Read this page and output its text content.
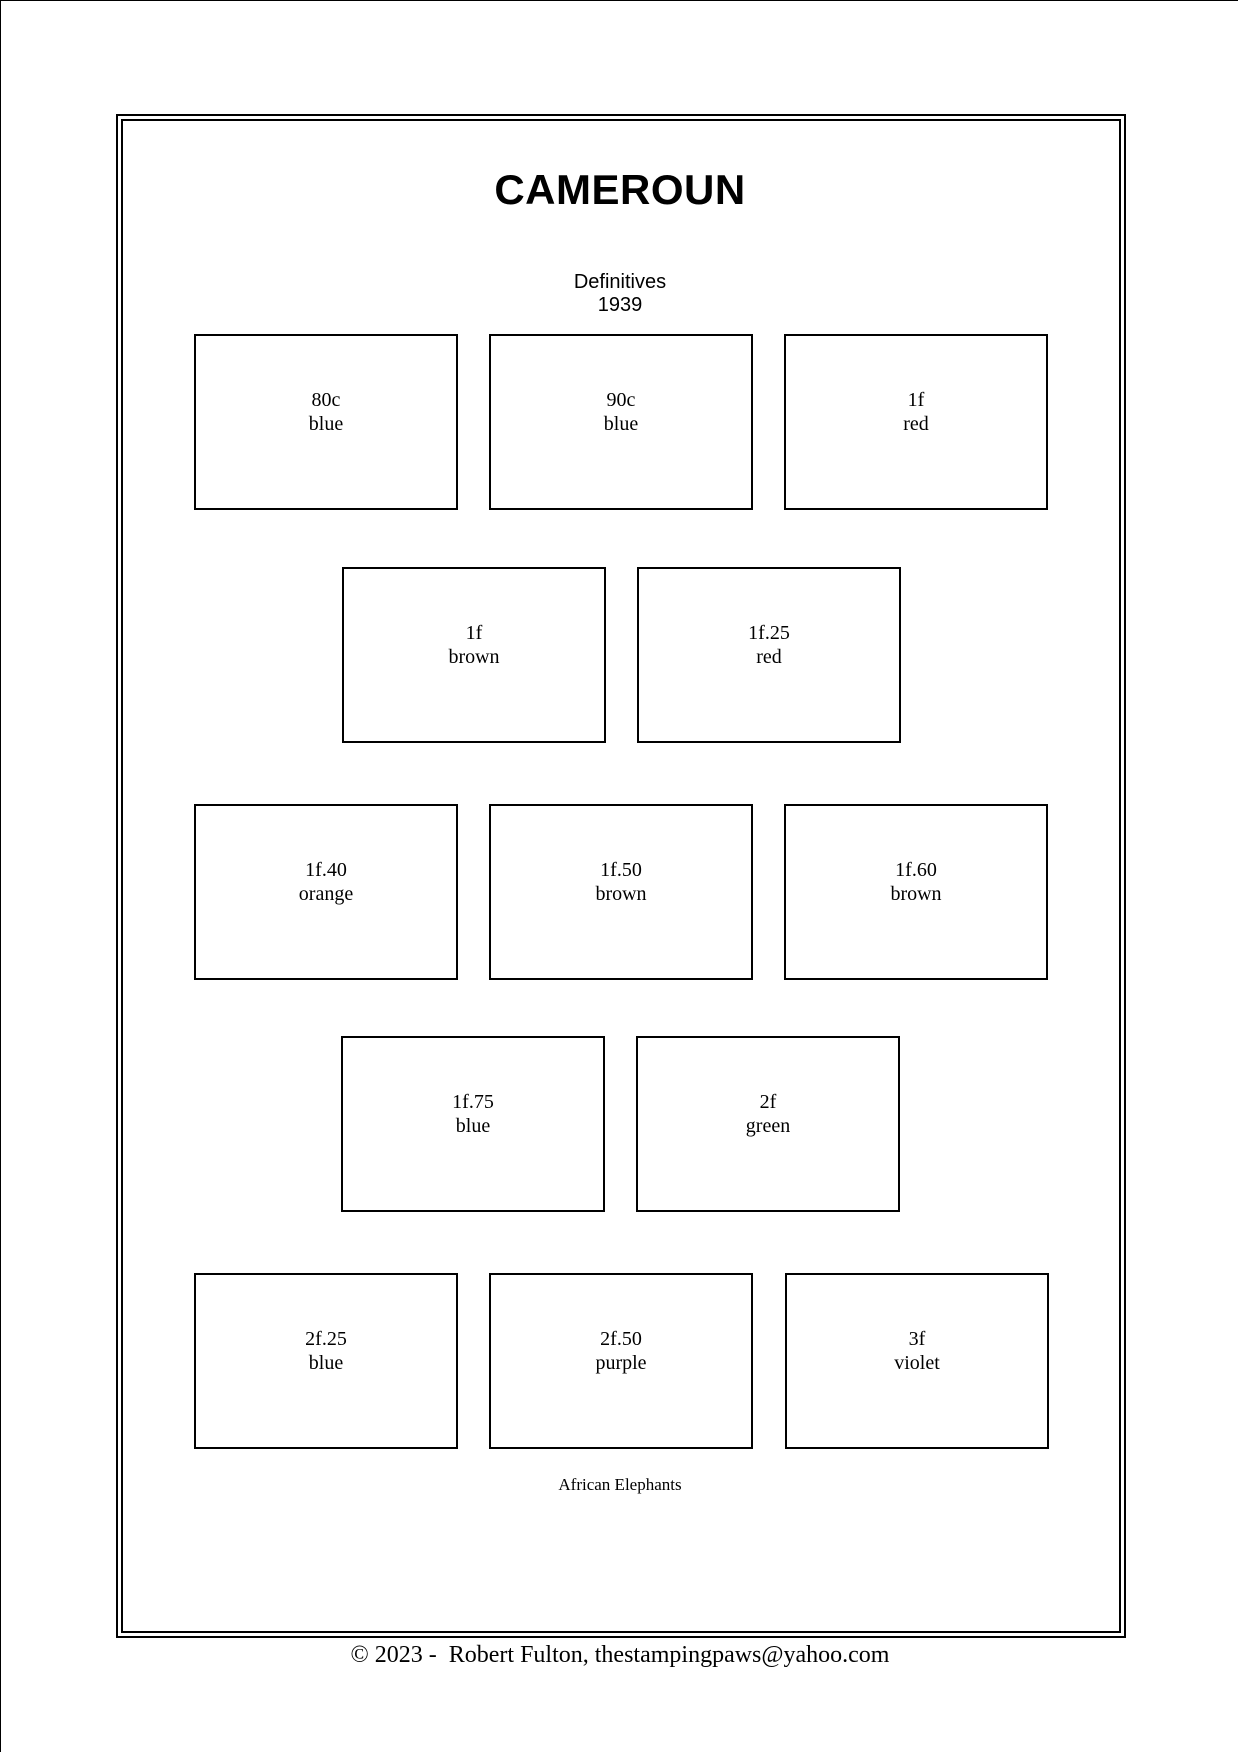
CAMEROUN
Definitives
1939
80c
blue
90c
blue
1f
red
1f
brown
1f.25
red
1f.40
orange
1f.50
brown
1f.60
brown
1f.75
blue
2f
green
2f.25
blue
2f.50
purple
3f
violet
African Elephants
© 2023 -  Robert Fulton, thestampingpaws@yahoo.com
